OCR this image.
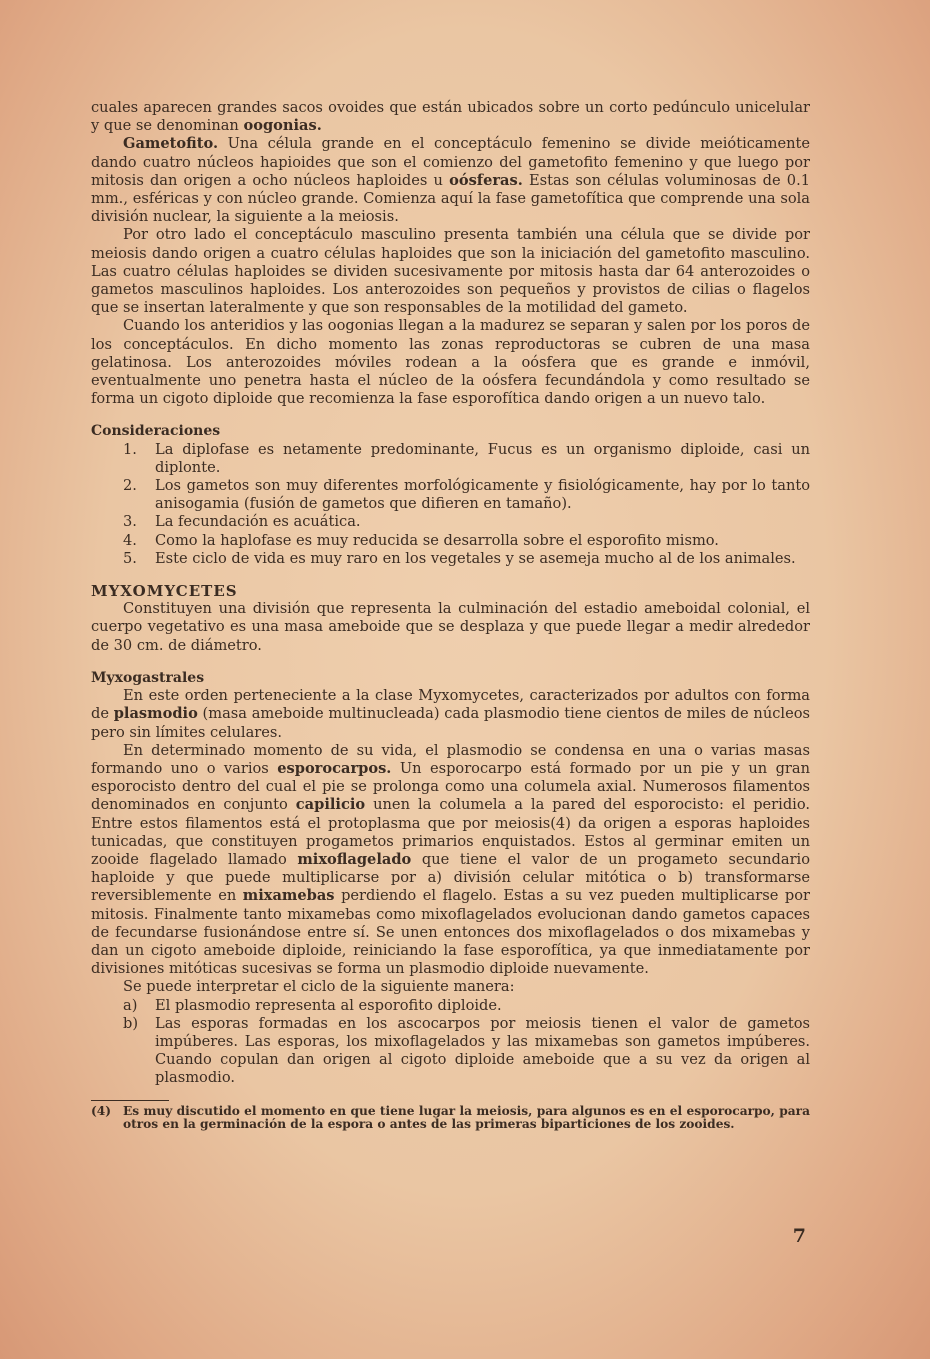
cuales aparecen grandes sacos ovoides que están ubicados sobre un corto pedúnculo unicelular y que se denominan oogonias.

Gametofito. Una célula grande en el conceptáculo femenino se divide meióticamente dando cuatro núcleos hapioides que son el comienzo del gametofito femenino y que luego por mitosis dan origen a ocho núcleos haploides u oósferas. Estas son células voluminosas de 0.1 mm., esféricas y con núcleo grande. Comienza aquí la fase gametofítica que comprende una sola división nuclear, la siguiente a la meiosis.

Por otro lado el conceptáculo masculino presenta también una célula que se divide por meiosis dando origen a cuatro células haploides que son la iniciación del gametofito masculino. Las cuatro células haploides se dividen sucesivamente por mitosis hasta dar 64 anterozoides o gametos masculinos haploides. Los anterozoides son pequeños y provistos de cilias o flagelos que se insertan lateralmente y que son responsables de la motilidad del gameto.

Cuando los anteridios y las oogonias llegan a la madurez se separan y salen por los poros de los conceptáculos. En dicho momento las zonas reproductoras se cubren de una masa gelatinosa. Los anterozoides móviles rodean a la oósfera que es grande e inmóvil, eventualmente uno penetra hasta el núcleo de la oósfera fecundándola y como resultado se forma un cigoto diploide que recomienza la fase esporofítica dando origen a un nuevo talo.

Consideraciones
1.	La diplofase es netamente predominante, Fucus es un organismo diploide, casi un diplonte.
2.	Los gametos son muy diferentes morfológicamente y fisiológicamente, hay por lo tanto anisogamia (fusión de gametos que difieren en tamaño).
3.	La fecundación es acuática.
4.	Como la haplofase es muy reducida se desarrolla sobre el esporofito mismo.
5.	Este ciclo de vida es muy raro en los vegetales y se asemeja mucho al de los animales.
MYXOMYCETES

Constituyen una división que representa la culminación del estadio ameboidal colonial, el cuerpo vegetativo es una masa ameboide que se desplaza y que puede llegar a medir alrededor de 30 cm. de diámetro.

Myxogastrales

En este orden perteneciente a la clase Myxomycetes, caracterizados por adultos con forma de plasmodio (masa ameboide multinucleada) cada plasmodio tiene cientos de miles de núcleos pero sin límites celulares.

En determinado momento de su vida, el plasmodio se condensa en una o varias masas formando uno o varios esporocarpos. Un esporocarpo está formado por un pie y un gran esporocisto dentro del cual el pie se prolonga como una columela axial. Numerosos filamentos denominados en conjunto capilicio unen la columela a la pared del esporocisto: el peridio. Entre estos filamentos está el protoplasma que por meiosis(4) da origen a esporas haploides tunicadas, que constituyen progametos primarios enquistados. Estos al germinar emiten un zooide flagelado llamado mixoflagelado que tiene el valor de un progameto secundario haploide y que puede multiplicarse por a) división celular mitótica o b) transformarse reversiblemente en mixamebas perdiendo el flagelo. Estas a su vez pueden multiplicarse por mitosis. Finalmente tanto mixamebas como mixoflagelados evolucionan dando gametos capaces de fecundarse fusionándose entre sí. Se unen entonces dos mixoflagelados o dos mixamebas y dan un cigoto ameboide diploide, reiniciando la fase esporofítica, ya que inmediatamente por divisiones mitóticas sucesivas se forma un plasmodio diploide nuevamente.

Se puede interpretar el ciclo de la siguiente manera:

a)	El plasmodio representa al esporofito diploide.
b)	Las esporas formadas en los ascocarpos por meiosis tienen el valor de gametos impúberes. Las esporas, los mixoflagelados y las mixamebas son gametos impúberes. Cuando copulan dan origen al cigoto diploide ameboide que a su vez da origen al plasmodio.
(4) Es muy discutido el momento en que tiene lugar la meiosis, para algunos es en el esporocarpo, para otros en la germinación de la espora o antes de las primeras biparticiones de los zooides.
7
